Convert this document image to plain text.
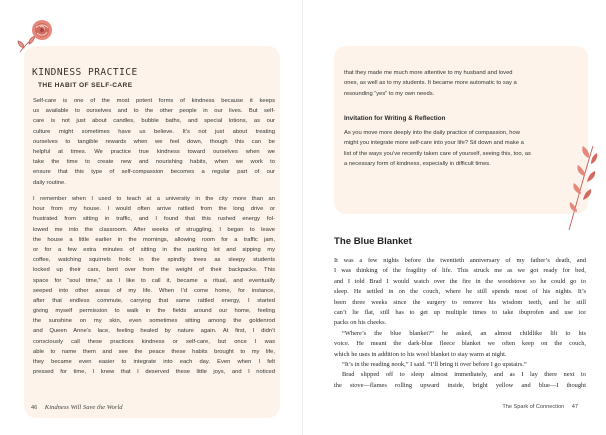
KINDNESS PRACTICE
THE HABIT OF SELF-CARE
Self-care is one of the most potent forms of kindness because it keeps
us available to ourselves and to the other people in our lives. But self-
care is not just about candles, bubble baths, and special lotions, as our
culture might sometimes have us believe. It’s not just about treating
ourselves to tangible rewards when we feel down, though this can be
helpful at times. We practice true kindness toward ourselves when we
take the time to create new and nourishing habits, when we work to
ensure that this type of self-compassion becomes a regular part of our
daily routine.
I remember when I used to teach at a university in the city more than an
hour from my house. I would often arrive rattled from the long drive or
frustrated from sitting in traffic, and I found that this rushed energy fol-
lowed me into the classroom. After weeks of struggling, I began to leave
the house a little earlier in the mornings, allowing room for a traffic jam,
or for a few extra minutes of sitting in the parking lot and sipping my
coffee, watching squirrels frolic in the spindly trees as sleepy students
locked up their cars, bent over from the weight of their backpacks. This
space for “soul time,” as I like to call it, became a ritual, and eventually
seeped into other areas of my life. When I’d come home, for instance,
after that endless commute, carrying that same rattled energy, I started
giving myself permission to walk in the fields around our home, feeling
the sunshine on my skin, even sometimes sitting among the goldenrod
and Queen Anne’s lace, feeling healed by nature again. At first, I didn’t
consciously call these practices kindness or self-care, but once I was
able to name them and see the peace these habits brought to my life,
they became even easier to integrate into each day. Even when I felt
pressed for time, I knew that I deserved these little joys, and I noticed
46 Kindness Will Save the World
that they made me much more attentive to my husband and loved
ones, as well as to my students. It became more automatic to say a
resounding “yes” to my own needs.
Invitation for Writing & Reflection
As you move more deeply into the daily practice of compassion, how
might you integrate more self-care into your life? Sit down and make a
list of the ways you’ve recently taken care of yourself, seeing this, too, as
a necessary form of kindness, especially in difficult times.
The Blue Blanket
It was a few nights before the twentieth anniversary of my father’s death, and
I was thinking of the fragility of life. This struck me as we got ready for bed,
and I told Brad I would watch over the fire in the woodstove so he could go to
sleep. He settled in on the couch, where he still spends most of his nights. It’s
been three weeks since the surgery to remove his wisdom teeth, and he still
can’t lie flat, still has to get up multiple times to take ibuprofen and use ice
packs on his cheeks.
“Where’s the blue blanket?” he asked, an almost childlike lilt to his
voice. He meant the dark-blue fleece blanket we often keep on the couch,
which he uses in addition to his wool blanket to stay warm at night.
“It’s in the reading nook,” I said. “I’ll bring it over before I go upstairs.”
Brad slipped off to sleep almost immediately, and as I lay there next to
the stove—flames rolling upward inside, bright yellow and blue—I thought
The Spark of Connection 47
